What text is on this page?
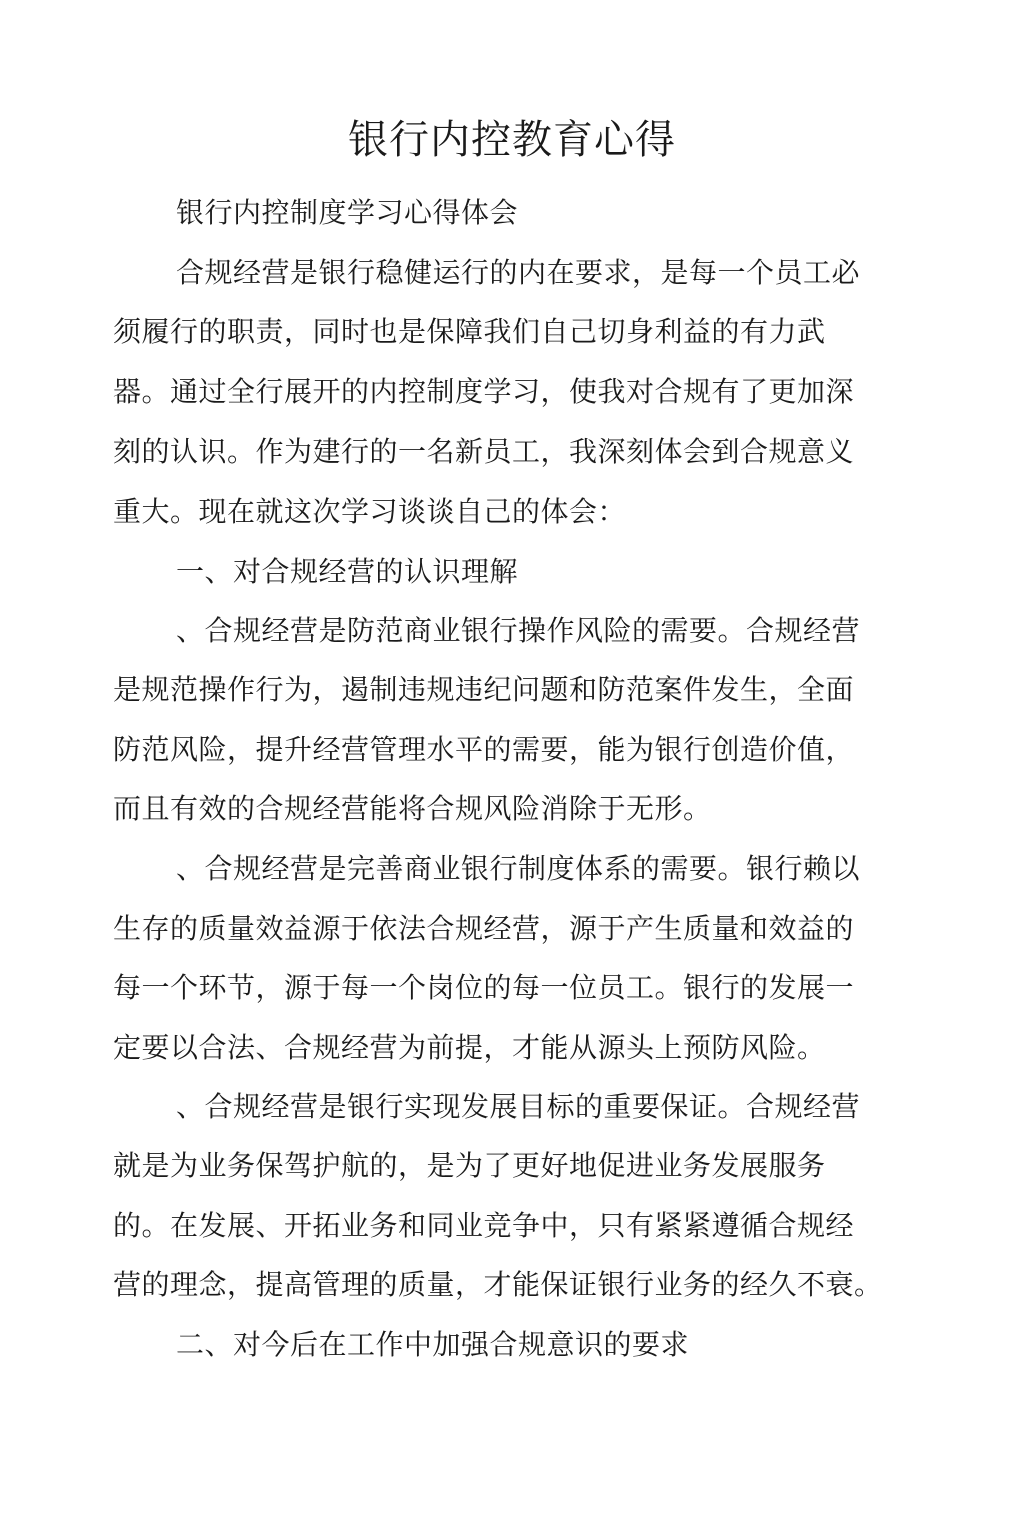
银行内控教育心得

银行内控制度学习心得体会

合规经营是银行稳健运行的内在要求，是每一个员工必

须履行的职责，同时也是保障我们自己切身利益的有力武

器。通过全行展开的内控制度学习，使我对合规有了更加深

刻的认识。作为建行的一名新员工，我深刻体会到合规意义

重大。现在就这次学习谈谈自己的体会：

一、对合规经营的认识理解

、合规经营是防范商业银行操作风险的需要。合规经营

是规范操作行为，遏制违规违纪问题和防范案件发生，全面

防范风险，提升经营管理水平的需要，能为银行创造价值，

而且有效的合规经营能将合规风险消除于无形。

、合规经营是完善商业银行制度体系的需要。银行赖以

生存的质量效益源于依法合规经营，源于产生质量和效益的

每一个环节，源于每一个岗位的每一位员工。银行的发展一

定要以合法、合规经营为前提，才能从源头上预防风险。

、合规经营是银行实现发展目标的重要保证。合规经营

就是为业务保驾护航的，是为了更好地促进业务发展服务

的。在发展、开拓业务和同业竞争中，只有紧紧遵循合规经

营的理念，提高管理的质量，才能保证银行业务的经久不衰。

二、对今后在工作中加强合规意识的要求
